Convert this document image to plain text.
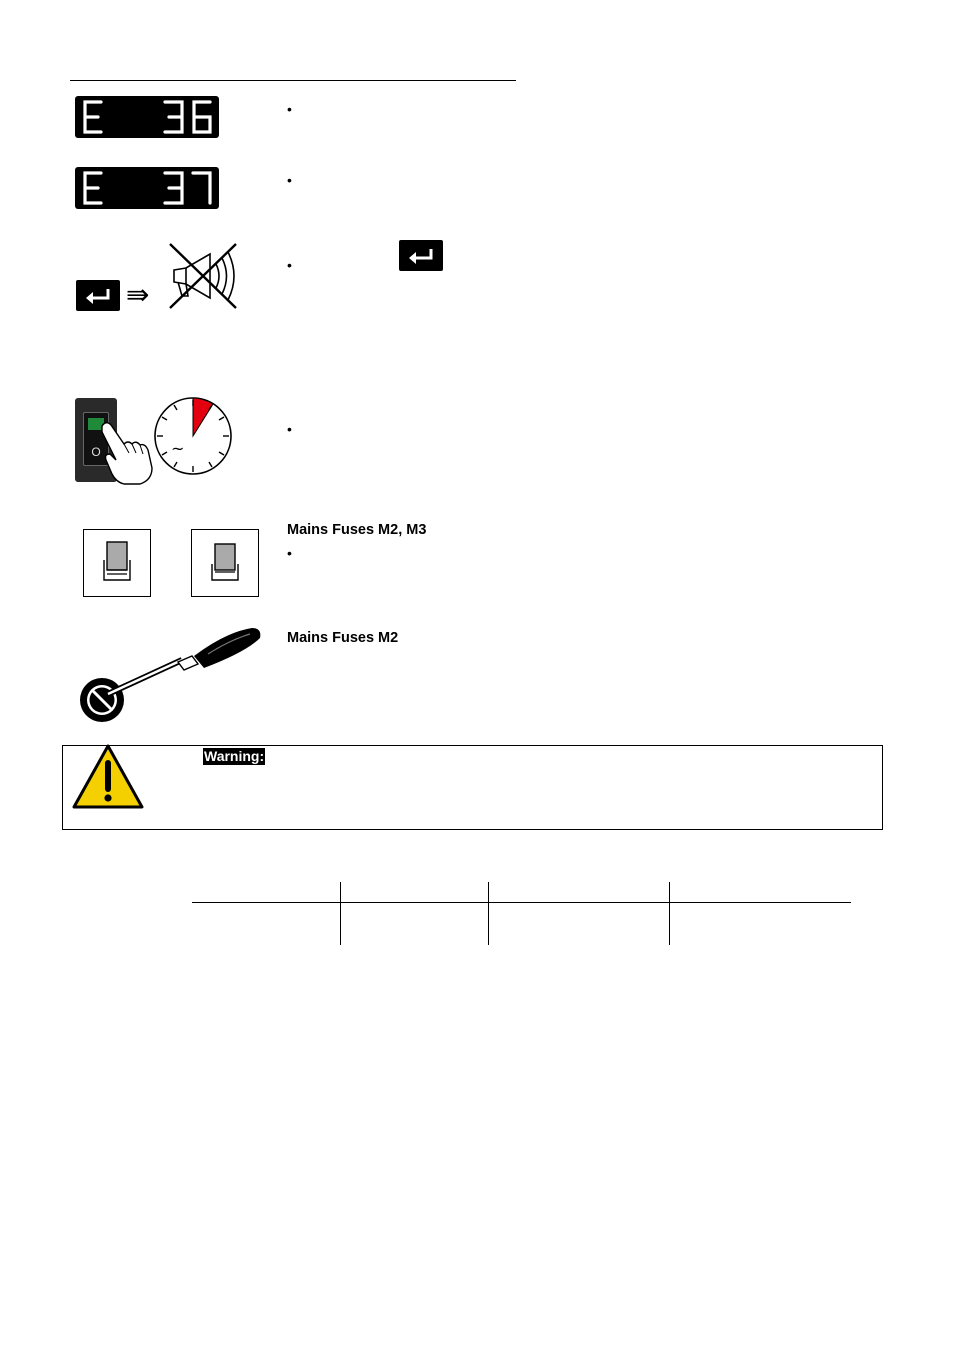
•
•
⇛
•
O	~
•
Mains Fuses M2, M3
•
Mains Fuses M2
Warning:
